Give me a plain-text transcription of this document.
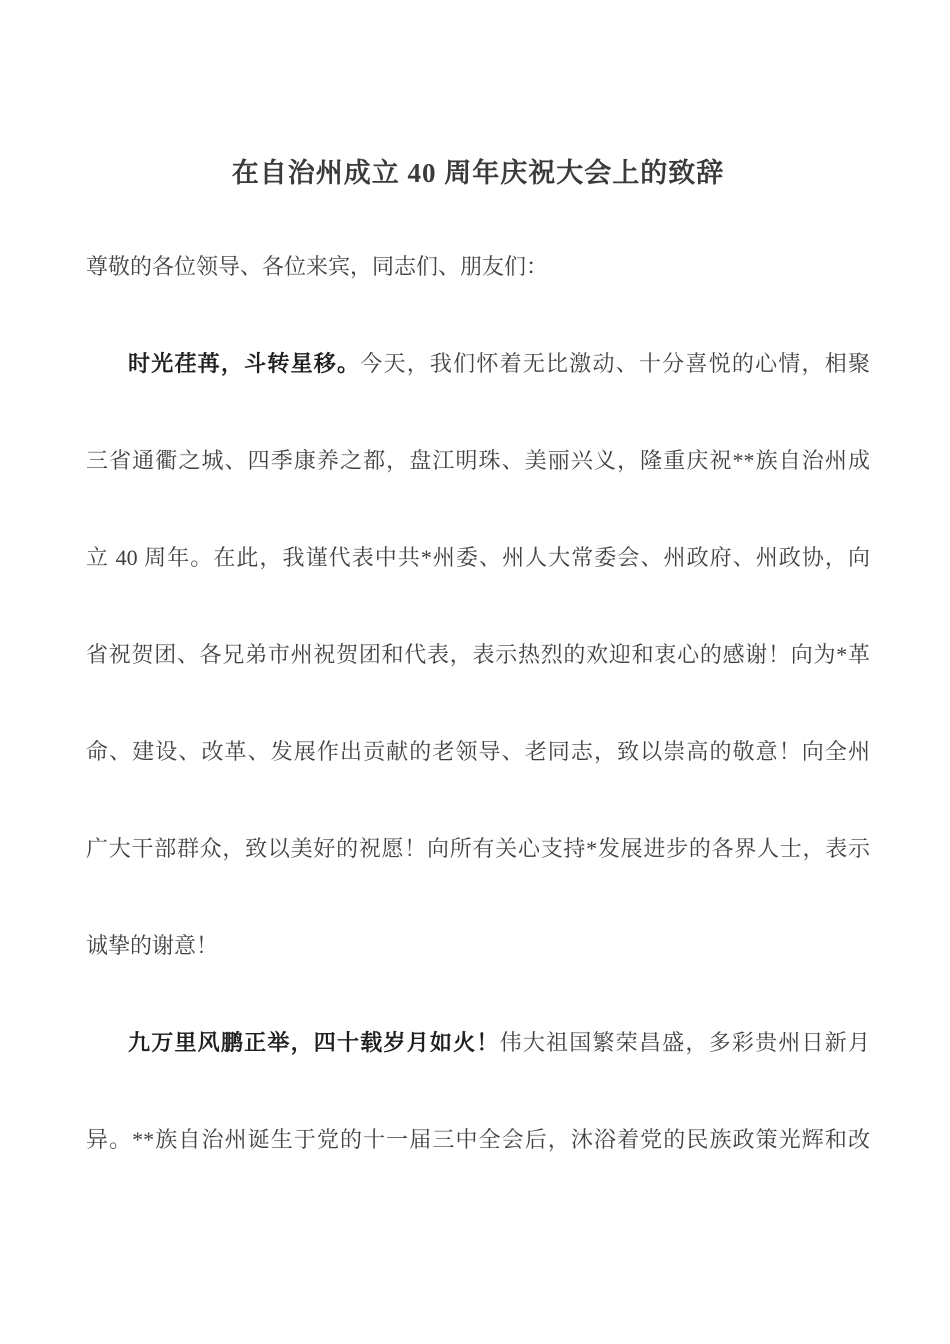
在自治州成立 40 周年庆祝大会上的致辞
尊敬的各位领导、各位来宾，同志们、朋友们：
时光荏苒，斗转星移。今天，我们怀着无比激动、十分喜悦的心情，相聚
三省通衢之城、四季康养之都，盘江明珠、美丽兴义，隆重庆祝**族自治州成
立 40 周年。在此，我谨代表中共*州委、州人大常委会、州政府、州政协，向
省祝贺团、各兄弟市州祝贺团和代表，表示热烈的欢迎和衷心的感谢！向为*革
命、建设、改革、发展作出贡献的老领导、老同志，致以崇高的敬意！向全州
广大干部群众，致以美好的祝愿！向所有关心支持*发展进步的各界人士，表示
诚挚的谢意！
九万里风鹏正举，四十载岁月如火！伟大祖国繁荣昌盛，多彩贵州日新月
异。**族自治州诞生于党的十一届三中全会后，沐浴着党的民族政策光辉和改
